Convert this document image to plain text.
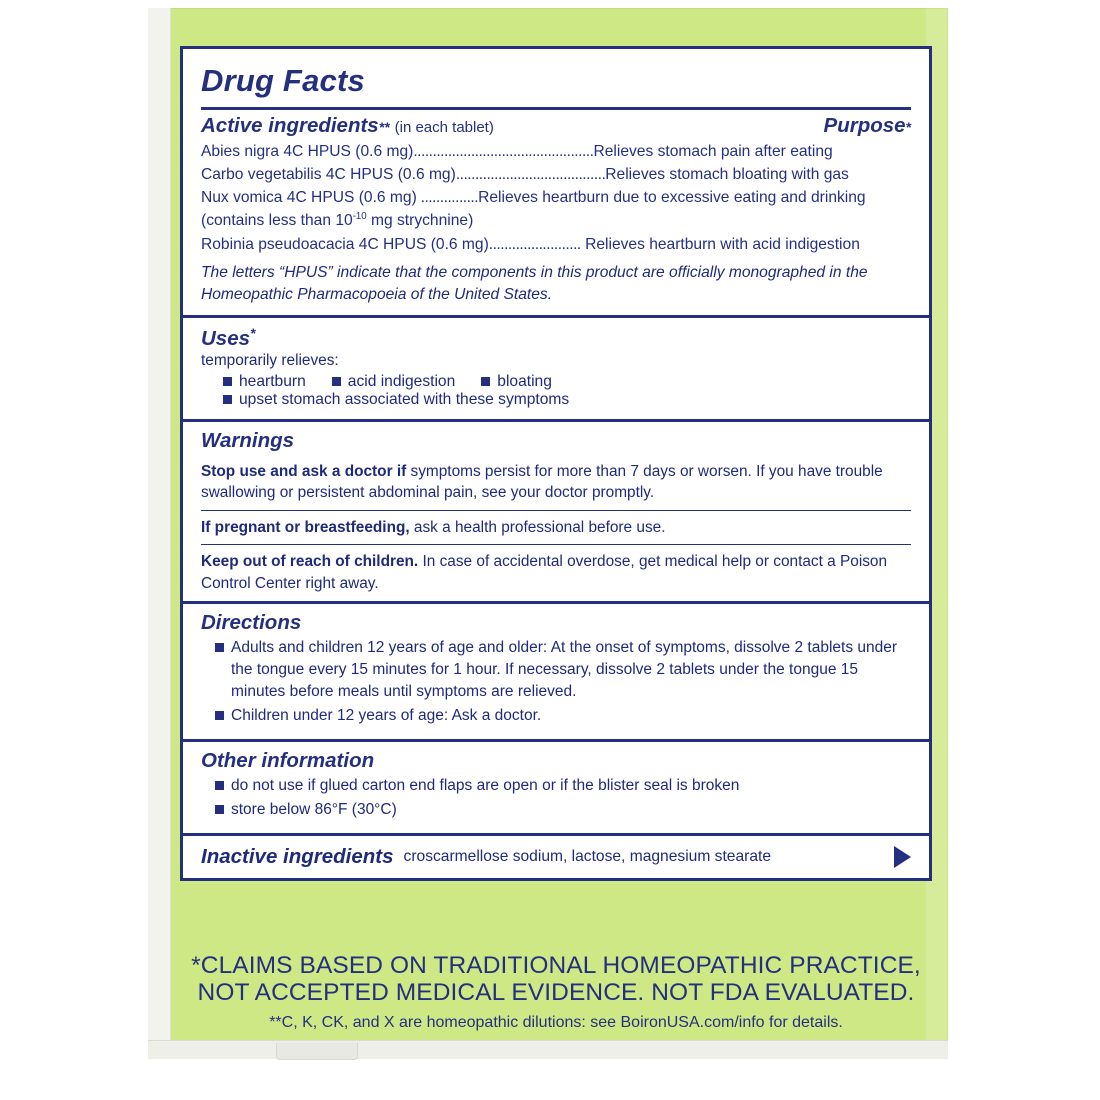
Drug Facts
Active ingredients ** (in each tablet)	Purpose *
Abies nigra 4C HPUS (0.6 mg)...............................................Relieves stomach pain after eating
Carbo vegetabilis 4C HPUS (0.6 mg).......................................Relieves stomach bloating with gas
Nux vomica 4C HPUS (0.6 mg) ...............Relieves heartburn due to excessive eating and drinking
(contains less than $10^{-10}$ mg strychnine)
Robinia pseudoacacia 4C HPUS (0.6 mg)........................ Relieves heartburn with acid indigestion
The letters “HPUS” indicate that the components in this product are officially monographed in the Homeopathic Pharmacopoeia of the United States.
Uses*
temporarily relieves:
heartburn	acid indigestion	bloating
upset stomach associated with these symptoms
Warnings
Stop use and ask a doctor if symptoms persist for more than 7 days or worsen. If you have trouble swallowing or persistent abdominal pain, see your doctor promptly.
If pregnant or breastfeeding, ask a health professional before use.
Keep out of reach of children. In case of accidental overdose, get medical help or contact a Poison Control Center right away.
Directions
Adults and children 12 years of age and older: At the onset of symptoms, dissolve 2 tablets under the tongue every 15 minutes for 1 hour. If necessary, dissolve 2 tablets under the tongue 15 minutes before meals until symptoms are relieved.
Children under 12 years of age: Ask a doctor.
Other information
do not use if glued carton end flaps are open or if the blister seal is broken
store below 86°F (30°C)
Inactive ingredients croscarmellose sodium, lactose, magnesium stearate
*CLAIMS BASED ON TRADITIONAL HOMEOPATHIC PRACTICE,
NOT ACCEPTED MEDICAL EVIDENCE. NOT FDA EVALUATED.
**C, K, CK, and X are homeopathic dilutions: see BoironUSA.com/info for details.
